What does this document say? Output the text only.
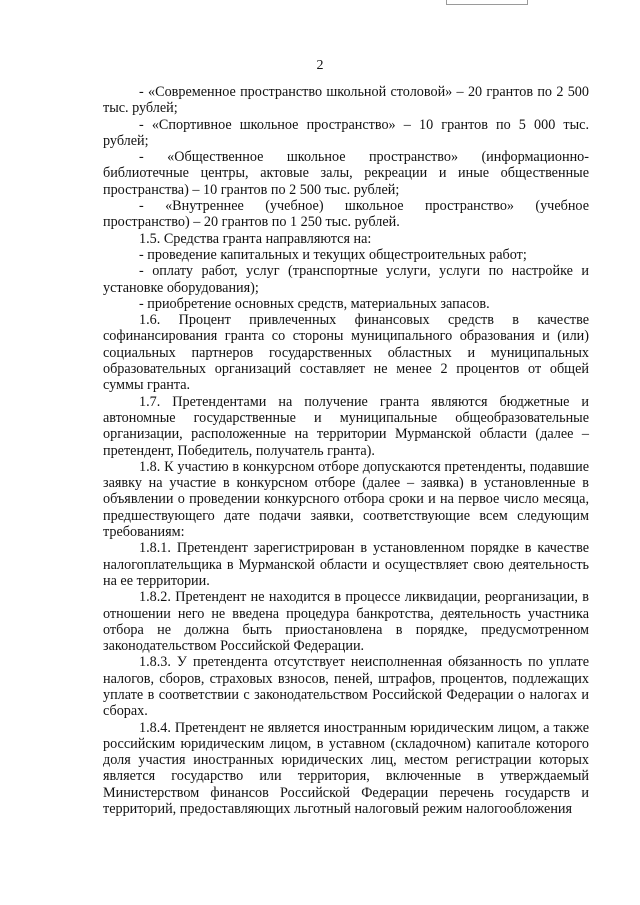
2

- «Современное пространство школьной столовой» – 20 грантов по 2 500 тыс. рублей;

- «Спортивное школьное пространство» – 10 грантов по 5 000 тыс. рублей;

- «Общественное школьное пространство» (информационно-библиотечные центры, актовые залы, рекреации и иные общественные пространства) – 10 грантов по 2 500 тыс. рублей;

- «Внутреннее (учебное) школьное пространство» (учебное пространство) – 20 грантов по 1 250 тыс. рублей.

1.5. Средства гранта направляются на:

- проведение капитальных и текущих общестроительных работ;

- оплату работ, услуг (транспортные услуги, услуги по настройке и установке оборудования);

- приобретение основных средств, материальных запасов.

1.6. Процент привлеченных финансовых средств в качестве софинансирования гранта со стороны муниципального образования и (или) социальных партнеров государственных областных и муниципальных образовательных организаций составляет не менее 2 процентов от общей суммы гранта.

1.7. Претендентами на получение гранта являются бюджетные и автономные государственные и муниципальные общеобразовательные организации, расположенные на территории Мурманской области (далее – претендент, Победитель, получатель гранта).

1.8. К участию в конкурсном отборе допускаются претенденты, подавшие заявку на участие в конкурсном отборе (далее – заявка) в установленные в объявлении о проведении конкурсного отбора сроки и на первое число месяца, предшествующего дате подачи заявки, соответствующие всем следующим требованиям:

1.8.1. Претендент зарегистрирован в установленном порядке в качестве налогоплательщика в Мурманской области и осуществляет свою деятельность на ее территории.

1.8.2. Претендент не находится в процессе ликвидации, реорганизации, в отношении него не введена процедура банкротства, деятельность участника отбора не должна быть приостановлена в порядке, предусмотренном законодательством Российской Федерации.

1.8.3. У претендента отсутствует неисполненная обязанность по уплате налогов, сборов, страховых взносов, пеней, штрафов, процентов, подлежащих уплате в соответствии с законодательством Российской Федерации о налогах и сборах.

1.8.4. Претендент не является иностранным юридическим лицом, а также российским юридическим лицом, в уставном (складочном) капитале которого доля участия иностранных юридических лиц, местом регистрации которых является государство или территория, включенные в утверждаемый Министерством финансов Российской Федерации перечень государств и территорий, предоставляющих льготный налоговый режим налогообложения
